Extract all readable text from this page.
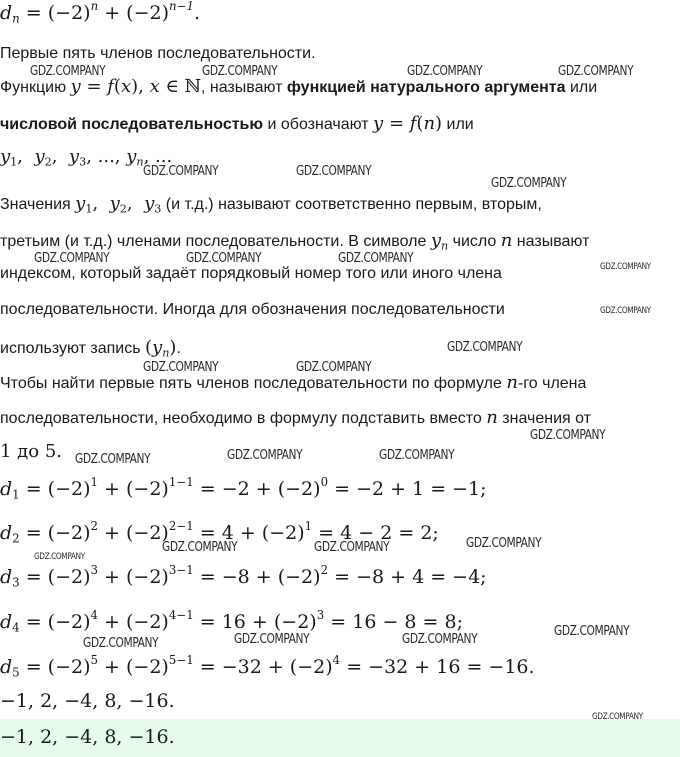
$d_n = (-2)^n + (-2)^{n-1}$.
Первые пять членов последовательности.
Функцию y = f(x), x ∈ ℕ, называют функцией натурального аргумента или
числовой последовательностью и обозначают y = f(n) или
$y_1$,  $y_2$,  $y_3$, ..., $y_n$, ...
Значения $y_1$,  $y_2$,  $y_3$ (и т.д.) называют соответственно первым, вторым,
третьим (и т.д.) членами последовательности. В символе $y_n$ число n называют
индексом, который задаёт порядковый номер того или иного члена
последовательности. Иногда для обозначения последовательности
используют запись $(y_n)$.
Чтобы найти первые пять членов последовательности по формуле n-го члена
последовательности, необходимо в формулу подставить вместо n значения от
1 до 5.
$d_1 = (-2)^1 + (-2)^{1-1} = -2 + (-2)^0 = -2 + 1 = -1$;
$d_2 = (-2)^2 + (-2)^{2-1} = 4 + (-2)^1 = 4 - 2 = 2$;
$d_3 = (-2)^3 + (-2)^{3-1} = -8 + (-2)^2 = -8 + 4 = -4$;
$d_4 = (-2)^4 + (-2)^{4-1} = 16 + (-2)^3 = 16 - 8 = 8$;
$d_5 = (-2)^5 + (-2)^{5-1} = -32 + (-2)^4 = -32 + 16 = -16$.
−1, 2, −4, 8, −16.
−1, 2, −4, 8, −16.
GDZ.COMPANY	GDZ.COMPANY	GDZ.COMPANY	GDZ.COMPANY
GDZ.COMPANY	GDZ.COMPANY
GDZ.COMPANY
GDZ.COMPANY	GDZ.COMPANY	GDZ.COMPANY
GDZ.COMPANY
GDZ.COMPANY
GDZ.COMPANY
GDZ.COMPANY	GDZ.COMPANY
GDZ.COMPANY
GDZ.COMPANY	GDZ.COMPANY	GDZ.COMPANY
GDZ.COMPANY
GDZ.COMPANY	GDZ.COMPANY
GDZ.COMPANY
GDZ.COMPANY
GDZ.COMPANY	GDZ.COMPANY
GDZ.COMPANY
GDZ.COMPANY
